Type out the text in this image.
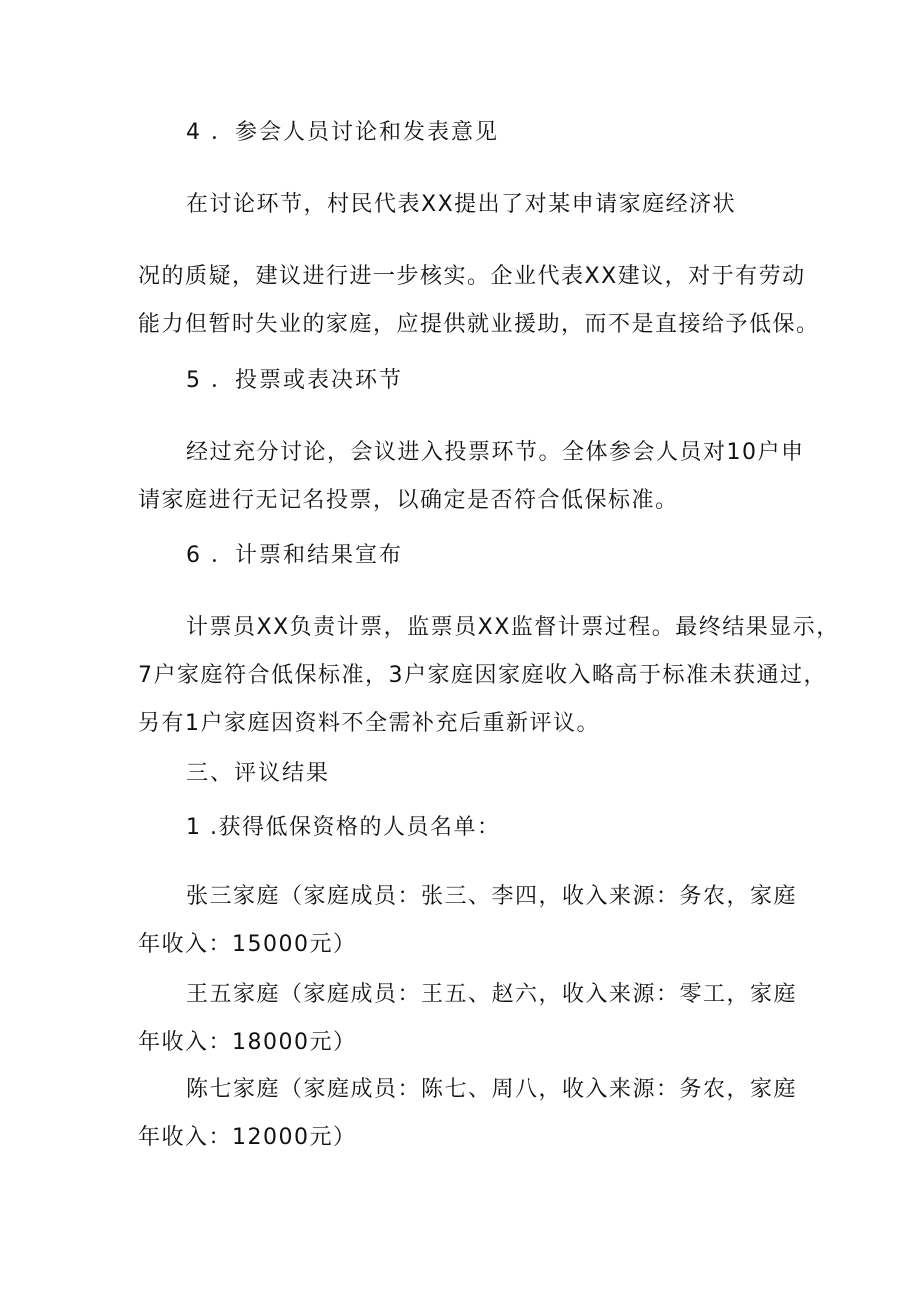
4 ．参会人员讨论和发表意见
在讨论环节，村民代表XX提出了对某申请家庭经济状
况的质疑，建议进行进一步核实。企业代表XX建议，对于有劳动
能力但暂时失业的家庭，应提供就业援助，而不是直接给予低保。
5 ．投票或表决环节
经过充分讨论，会议进入投票环节。全体参会人员对10户申
请家庭进行无记名投票，以确定是否符合低保标准。
6 ．计票和结果宣布
计票员XX负责计票，监票员XX监督计票过程。最终结果显示，
7户家庭符合低保标准，3户家庭因家庭收入略高于标准未获通过，
另有1户家庭因资料不全需补充后重新评议。
三、评议结果
1 .获得低保资格的人员名单：
张三家庭（家庭成员：张三、李四，收入来源：务农，家庭
年收入：15000元）
王五家庭（家庭成员：王五、赵六，收入来源：零工，家庭
年收入：18000元）
陈七家庭（家庭成员：陈七、周八，收入来源：务农，家庭
年收入：12000元）
